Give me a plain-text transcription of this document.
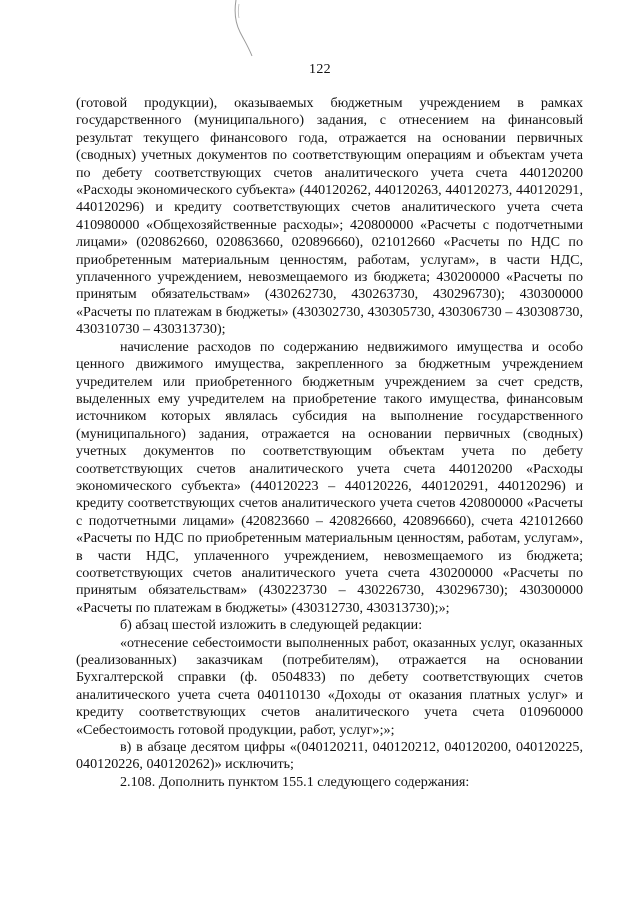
122

(готовой продукции), оказываемых бюджетным учреждением в рамках государственного (муниципального) задания, с отнесением на финансовый результат текущего финансового года, отражается на основании первичных (сводных) учетных документов по соответствующим операциям и объектам учета по дебету соответствующих счетов аналитического учета счета 440120200 «Расходы экономического субъекта» (440120262, 440120263, 440120273, 440120291, 440120296) и кредиту соответствующих счетов аналитического учета счета 410980000 «Общехозяйственные расходы»; 420800000 «Расчеты с подотчетными лицами» (020862660, 020863660, 020896660), 021012660 «Расчеты по НДС по приобретенным материальным ценностям, работам, услугам», в части НДС, уплаченного учреждением, невозмещаемого из бюджета; 430200000 «Расчеты по принятым обязательствам» (430262730, 430263730, 430296730); 430300000 «Расчеты по платежам в бюджеты» (430302730, 430305730, 430306730 – 430308730, 430310730 – 430313730);

начисление расходов по содержанию недвижимого имущества и особо ценного движимого имущества, закрепленного за бюджетным учреждением учредителем или приобретенного бюджетным учреждением за счет средств, выделенных ему учредителем на приобретение такого имущества, финансовым источником которых являлась субсидия на выполнение государственного (муниципального) задания, отражается на основании первичных (сводных) учетных документов по соответствующим объектам учета по дебету соответствующих счетов аналитического учета счета 440120200 «Расходы экономического субъекта» (440120223 – 440120226, 440120291, 440120296) и кредиту соответствующих счетов аналитического учета счетов 420800000 «Расчеты с подотчетными лицами» (420823660 – 420826660, 420896660), счета 421012660 «Расчеты по НДС по приобретенным материальным ценностям, работам, услугам», в части НДС, уплаченного учреждением, невозмещаемого из бюджета; соответствующих счетов аналитического учета счета 430200000 «Расчеты по принятым обязательствам» (430223730 – 430226730, 430296730); 430300000 «Расчеты по платежам в бюджеты» (430312730, 430313730);»;

б) абзац шестой изложить в следующей редакции:

«отнесение себестоимости выполненных работ, оказанных услуг, оказанных (реализованных) заказчикам (потребителям), отражается на основании Бухгалтерской справки (ф. 0504833) по дебету соответствующих счетов аналитического учета счета 040110130 «Доходы от оказания платных услуг» и кредиту соответствующих счетов аналитического учета счета 010960000 «Себестоимость готовой продукции, работ, услуг»;»;

в) в абзаце десятом цифры «(040120211, 040120212, 040120200, 040120225, 040120226, 040120262)» исключить;

2.108. Дополнить пунктом 155.1 следующего содержания:
